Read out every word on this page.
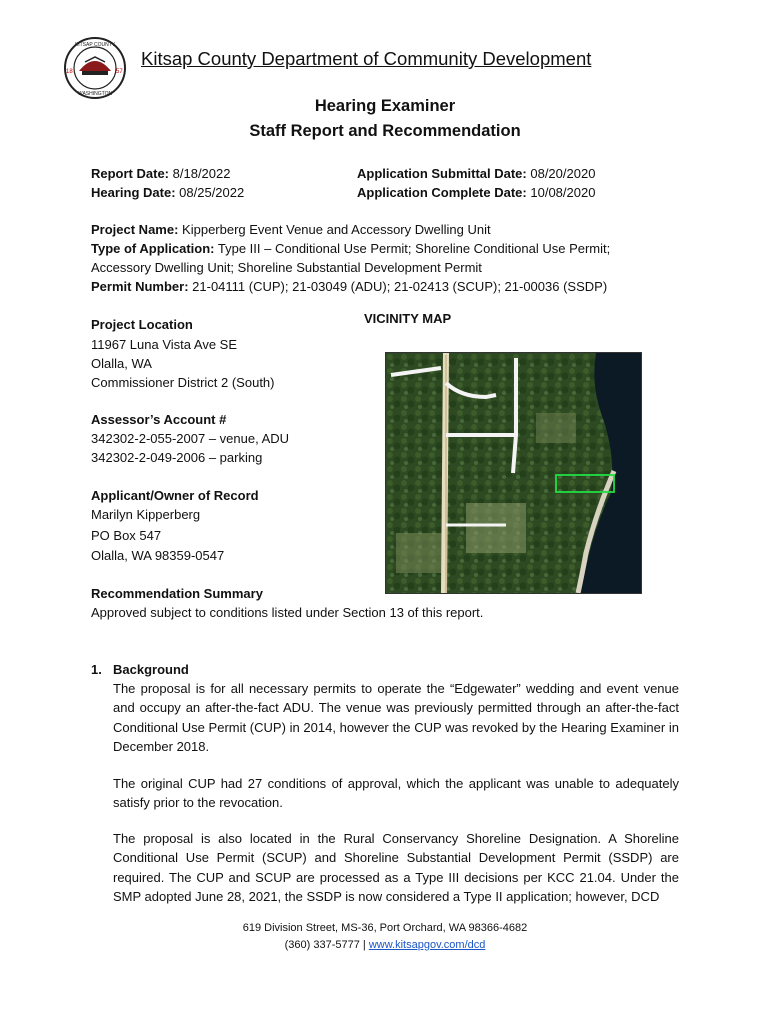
18	57
KITSAP COUNTY
WASHINGTON
Kitsap County Department of Community Development
Hearing Examiner
Staff Report and Recommendation
Report Date: 8/18/2022
Hearing Date: 08/25/2022
Application Submittal Date: 08/20/2020
Application Complete Date: 10/08/2020
Project Name: Kipperberg Event Venue and Accessory Dwelling Unit
Type of Application: Type III – Conditional Use Permit; Shoreline Conditional Use Permit;
Accessory Dwelling Unit; Shoreline Substantial Development Permit
Permit Number: 21-04111 (CUP); 21-03049 (ADU); 21-02413 (SCUP); 21-00036 (SSDP)
Project Location
11967 Luna Vista Ave SE
Olalla, WA
Commissioner District 2 (South)
Assessor’s Account #
342302-2-055-2007 – venue, ADU
342302-2-049-2006 – parking
Applicant/Owner of Record
Marilyn Kipperberg
PO Box 547
Olalla, WA 98359-0547
VICINITY MAP
Recommendation Summary
Approved subject to conditions listed under Section 13 of this report.
1. Background
The proposal is for all necessary permits to operate the “Edgewater” wedding and event venue and occupy an after-the-fact ADU. The venue was previously permitted through an after-the-fact Conditional Use Permit (CUP) in 2014, however the CUP was revoked by the Hearing Examiner in December 2018.
The original CUP had 27 conditions of approval, which the applicant was unable to adequately satisfy prior to the revocation.
The proposal is also located in the Rural Conservancy Shoreline Designation. A Shoreline Conditional Use Permit (SCUP) and Shoreline Substantial Development Permit (SSDP) are required. The CUP and SCUP are processed as a Type III decisions per KCC 21.04. Under the SMP adopted June 28, 2021, the SSDP is now considered a Type II application; however, DCD
619 Division Street, MS-36, Port Orchard, WA 98366-4682
(360) 337-5777 | www.kitsapgov.com/dcd
